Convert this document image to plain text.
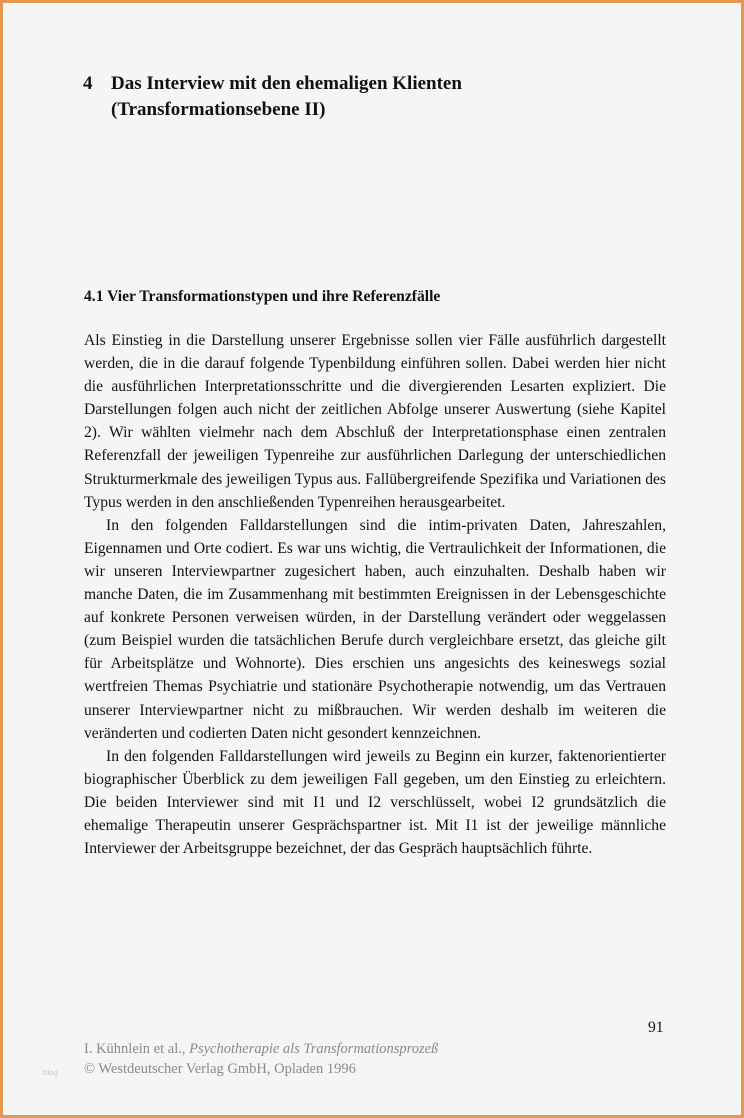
4 Das Interview mit den ehemaligen Klienten
(Transformationsebene II)
4.1 Vier Transformationstypen und ihre Referenzfälle

Als Einstieg in die Darstellung unserer Ergebnisse sollen vier Fälle ausführlich dargestellt werden, die in die darauf folgende Typenbildung einführen sollen. Dabei werden hier nicht die ausführlichen Interpretationsschritte und die divergierenden Lesarten expliziert. Die Darstellungen folgen auch nicht der zeitlichen Abfolge unserer Auswertung (siehe Kapitel 2). Wir wählten vielmehr nach dem Abschluß der Interpretationsphase einen zentralen Referenzfall der jeweiligen Typenreihe zur ausführlichen Darlegung der unterschiedlichen Strukturmerkmale des jeweiligen Typus aus. Fallübergreifende Spezifika und Variationen des Typus werden in den anschließenden Typenreihen herausgearbeitet.

In den folgenden Falldarstellungen sind die intim-privaten Daten, Jahreszahlen, Eigennamen und Orte codiert. Es war uns wichtig, die Vertraulichkeit der Informationen, die wir unseren Interviewpartner zugesichert haben, auch einzuhalten. Deshalb haben wir manche Daten, die im Zusammenhang mit bestimmten Ereignissen in der Lebensgeschichte auf konkrete Personen verweisen würden, in der Darstellung verändert oder weggelassen (zum Beispiel wurden die tatsächlichen Berufe durch vergleichbare ersetzt, das gleiche gilt für Arbeitsplätze und Wohnorte). Dies erschien uns angesichts des keineswegs sozial wertfreien Themas Psychiatrie und stationäre Psychotherapie notwendig, um das Vertrauen unserer Interviewpartner nicht zu mißbrauchen. Wir werden deshalb im weiteren die veränderten und codierten Daten nicht gesondert kennzeichnen.

In den folgenden Falldarstellungen wird jeweils zu Beginn ein kurzer, faktenorientierter biographischer Überblick zu dem jeweiligen Fall gegeben, um den Einstieg zu erleichtern. Die beiden Interviewer sind mit I1 und I2 verschlüsselt, wobei I2 grundsätzlich die ehemalige Therapeutin unserer Gesprächspartner ist. Mit I1 ist der jeweilige männliche Interviewer der Arbeitsgruppe bezeichnet, der das Gespräch hauptsächlich führte.

91
I. Kühnlein et al., Psychotherapie als Transformationsprozeß
© Westdeutscher Verlag GmbH, Opladen 1996
blog
